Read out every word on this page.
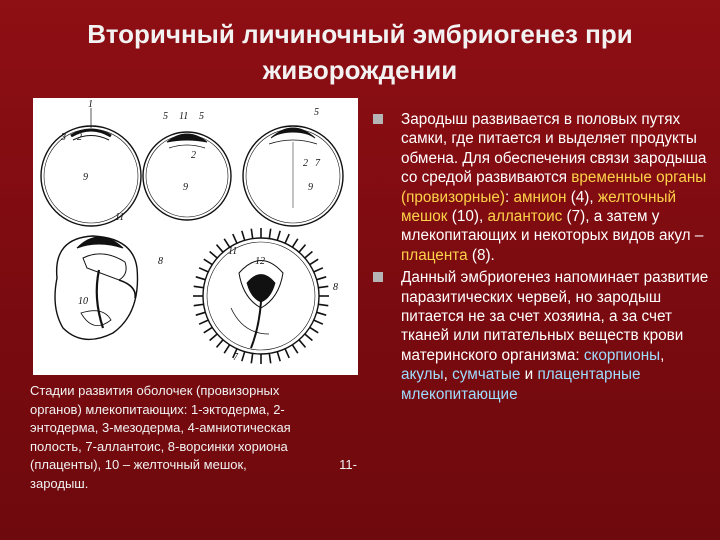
Вторичный личиночный эмбриогенез при
живорождении
1
3 2
9
5 11 5
2
9
5
2 7
9
11
8
10
11
12
8
7
Стадии развития оболочек (провизорных
органов) млекопитающих: 1-эктодерма, 2-
энтодерма, 3-мезодерма, 4-амниотическая
полость, 7-аллантоис, 8-ворсинки хориона
(плаценты), 10 – желточный мешок,	11-
зародыш.
Зародыш развивается в половых путях самки, где питается и выделяет продукты обмена. Для обеспечения связи зародыша со средой развиваются временные органы (провизорные): амнион (4), желточный мешок (10), аллантоис (7), а затем у млекопитающих и некоторых видов акул – плацента (8).
Данный эмбриогенез напоминает развитие паразитических червей, но зародыш питается не за счет хозяина, а за счет тканей или питательных веществ крови материнского организма: скорпионы, акулы, сумчатые и плацентарные млекопитающие
